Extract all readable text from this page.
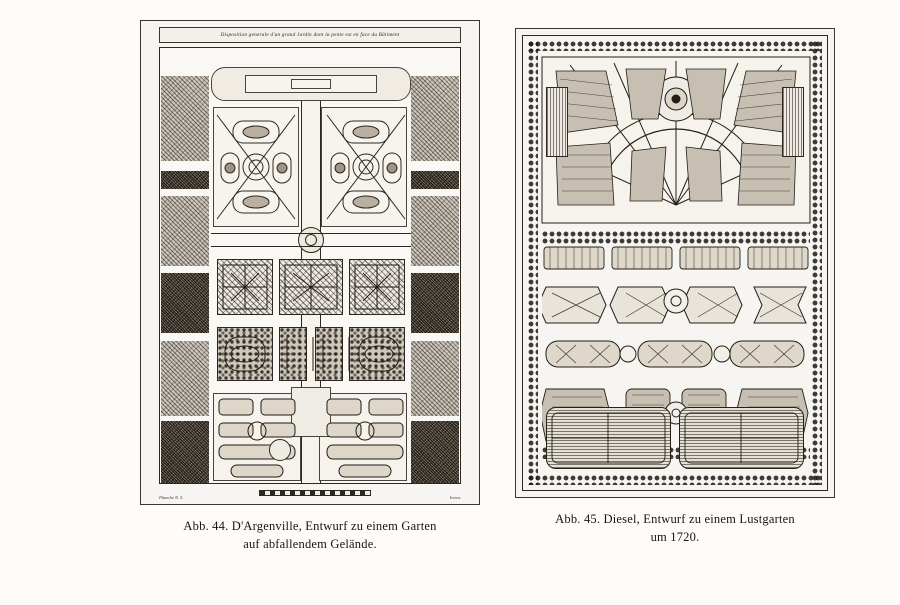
Disposition generale d'un grand Jardin dont la pente est en face du Bâtiment
Planche N. 5.	Inven.
Abb. 44. D'Argenville, Entwurf zu einem Garten
auf abfallendem Gelände.
Abb. 45. Diesel, Entwurf zu einem Lustgarten
um 1720.
